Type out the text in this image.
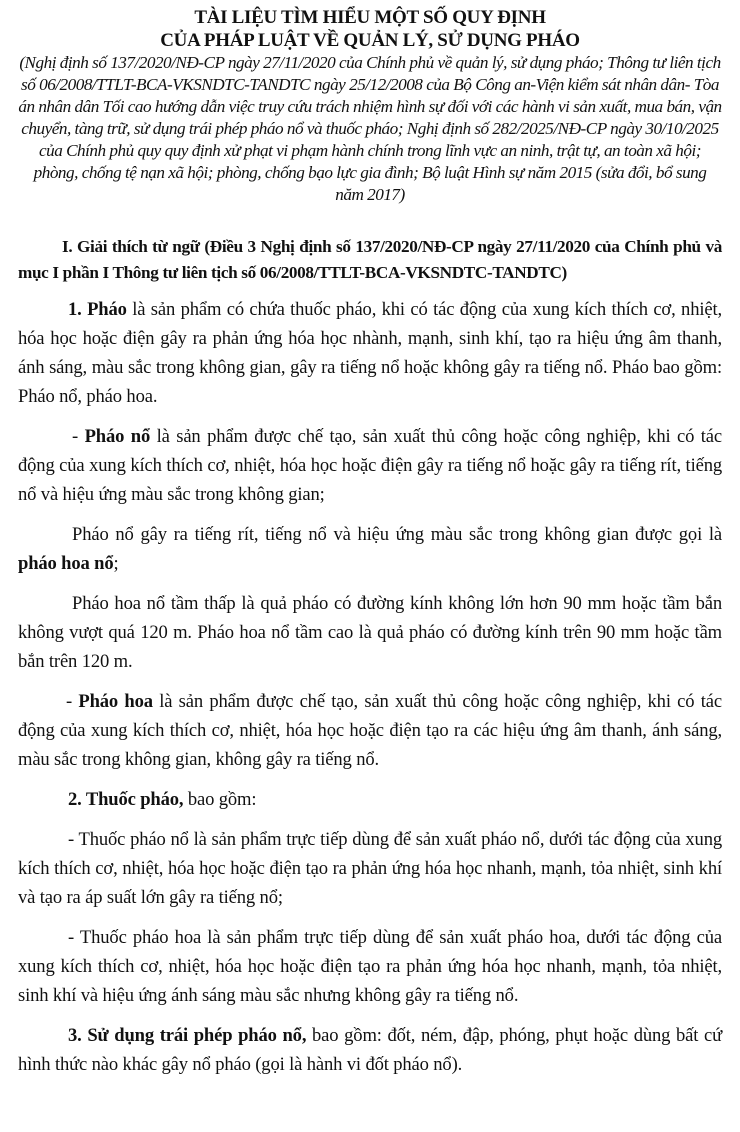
TÀI LIỆU TÌM HIỂU MỘT SỐ QUY ĐỊNH
CỦA PHÁP LUẬT VỀ QUẢN LÝ, SỬ DỤNG PHÁO
(Nghị định số 137/2020/NĐ-CP ngày 27/11/2020 của Chính phủ về quản lý, sử dụng pháo; Thông tư liên tịch số 06/2008/TTLT-BCA-VKSNDTC-TANDTC ngày 25/12/2008 của Bộ Công an-Viện kiểm sát nhân dân- Tòa án nhân dân Tối cao hướng dẫn việc truy cứu trách nhiệm hình sự đối với các hành vi sản xuất, mua bán, vận chuyển, tàng trữ, sử dụng trái phép pháo nổ và thuốc pháo; Nghị định số 282/2025/NĐ-CP ngày 30/10/2025 của Chính phủ quy quy định xử phạt vi phạm hành chính trong lĩnh vực an ninh, trật tự, an toàn xã hội; phòng, chống tệ nạn xã hội; phòng, chống bạo lực gia đình; Bộ luật Hình sự năm 2015 (sửa đổi, bổ sung năm 2017)
I. Giải thích từ ngữ (Điều 3 Nghị định số 137/2020/NĐ-CP ngày 27/11/2020 của Chính phủ và mục I phần I Thông tư liên tịch số 06/2008/TTLT-BCA-VKSNDTC-TANDTC)

1. Pháo là sản phẩm có chứa thuốc pháo, khi có tác động của xung kích thích cơ, nhiệt, hóa học hoặc điện gây ra phản ứng hóa học nhành, mạnh, sinh khí, tạo ra hiệu ứng âm thanh, ánh sáng, màu sắc trong không gian, gây ra tiếng nổ hoặc không gây ra tiếng nổ. Pháo bao gồm: Pháo nổ, pháo hoa.

- Pháo nổ là sản phẩm được chế tạo, sản xuất thủ công hoặc công nghiệp, khi có tác động của xung kích thích cơ, nhiệt, hóa học hoặc điện gây ra tiếng nổ hoặc gây ra tiếng rít, tiếng nổ và hiệu ứng màu sắc trong không gian;

Pháo nổ gây ra tiếng rít, tiếng nổ và hiệu ứng màu sắc trong không gian được gọi là pháo hoa nổ;

Pháo hoa nổ tầm thấp là quả pháo có đường kính không lớn hơn 90 mm hoặc tầm bắn không vượt quá 120 m. Pháo hoa nổ tầm cao là quả pháo có đường kính trên 90 mm hoặc tầm bắn trên 120 m.

- Pháo hoa là sản phẩm được chế tạo, sản xuất thủ công hoặc công nghiệp, khi có tác động của xung kích thích cơ, nhiệt, hóa học hoặc điện tạo ra các hiệu ứng âm thanh, ánh sáng, màu sắc trong không gian, không gây ra tiếng nổ.

2. Thuốc pháo, bao gồm:

- Thuốc pháo nổ là sản phẩm trực tiếp dùng để sản xuất pháo nổ, dưới tác động của xung kích thích cơ, nhiệt, hóa học hoặc điện tạo ra phản ứng hóa học nhanh, mạnh, tỏa nhiệt, sinh khí và tạo ra áp suất lớn gây ra tiếng nổ;

- Thuốc pháo hoa là sản phẩm trực tiếp dùng để sản xuất pháo hoa, dưới tác động của xung kích thích cơ, nhiệt, hóa học hoặc điện tạo ra phản ứng hóa học nhanh, mạnh, tỏa nhiệt, sinh khí và hiệu ứng ánh sáng màu sắc nhưng không gây ra tiếng nổ.

3. Sử dụng trái phép pháo nổ, bao gồm: đốt, ném, đập, phóng, phụt hoặc dùng bất cứ hình thức nào khác gây nổ pháo (gọi là hành vi đốt pháo nổ).
